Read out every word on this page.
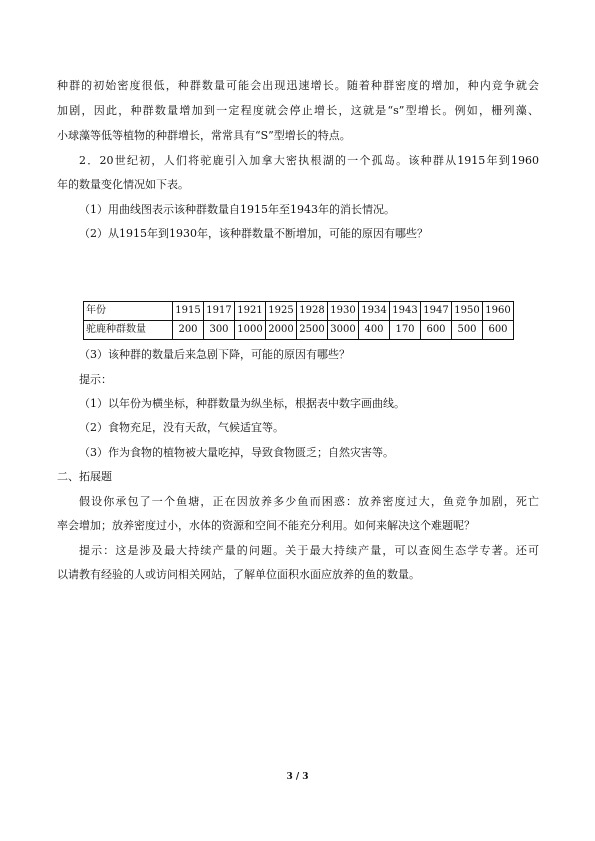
种群的初始密度很低，种群数量可能会出现迅速增长。随着种群密度的增加，种内竞争就会
加剧，因此，种群数量增加到一定程度就会停止增长，这就是“s”型增长。例如，栅列藻、
小球藻等低等植物的种群增长，常常具有“S”型增长的特点。
2．20世纪初，人们将驼鹿引入加拿大密执根湖的一个孤岛。该种群从1915年到1960
年的数量变化情况如下表。
（1）用曲线图表示该种群数量自1915年至1943年的消长情况。
（2）从1915年到1930年，该种群数量不断增加，可能的原因有哪些？
年份	1915	1917	1921	1925	1928	1930	1934	1943	1947	1950	1960
驼鹿种群数量	200	300	1000	2000	2500	3000	400	170	600	500	600
（3）该种群的数量后来急剧下降，可能的原因有哪些？
提示：
（1）以年份为横坐标，种群数量为纵坐标，根据表中数字画曲线。
（2）食物充足，没有天敌，气候适宜等。
（3）作为食物的植物被大量吃掉，导致食物匮乏；自然灾害等。
二、拓展题
假设你承包了一个鱼塘，正在因放养多少鱼而困惑：放养密度过大，鱼竞争加剧，死亡
率会增加；放养密度过小，水体的资源和空间不能充分利用。如何来解决这个难题呢？
提示：这是涉及最大持续产量的问题。关于最大持续产量，可以查阅生态学专著。还可
以请教有经验的人或访问相关网站，了解单位面积水面应放养的鱼的数量。
3 / 3
